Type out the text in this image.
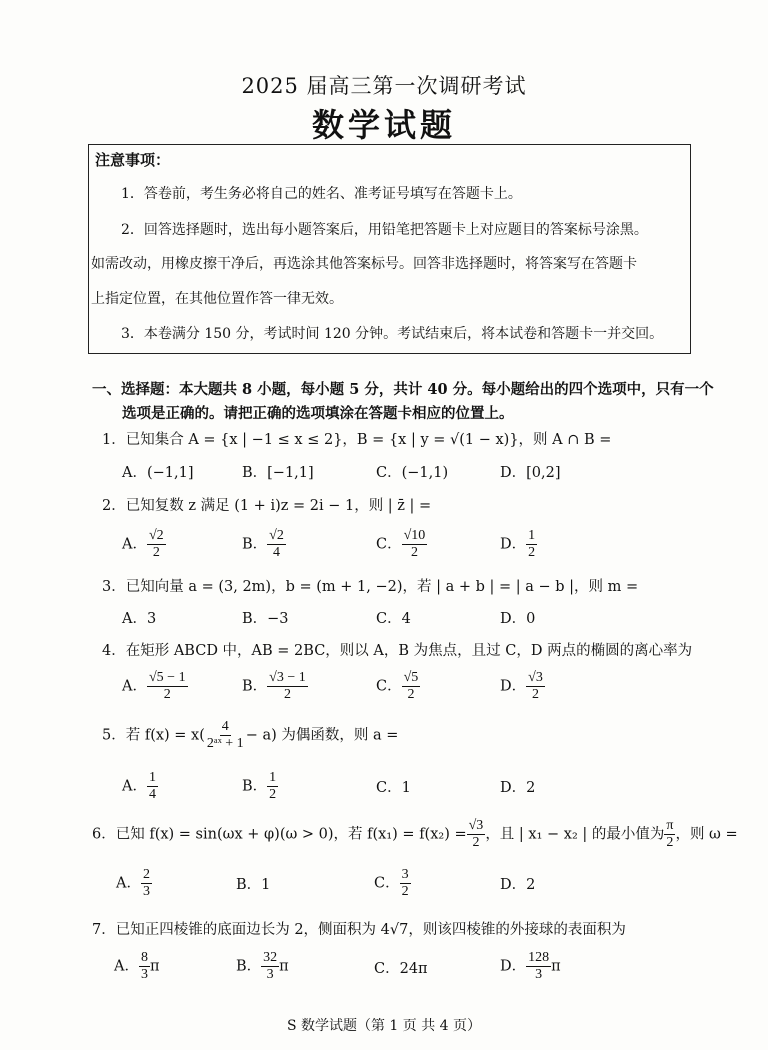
2025 届高三第一次调研考试
数学试题
注意事项：
1．答卷前，考生务必将自己的姓名、准考证号填写在答题卡上。
2．回答选择题时，选出每小题答案后，用铅笔把答题卡上对应题目的答案标号涂黑。
如需改动，用橡皮擦干净后，再选涂其他答案标号。回答非选择题时，将答案写在答题卡
上指定位置，在其他位置作答一律无效。
3．本卷满分 150 分，考试时间 120 分钟。考试结束后，将本试卷和答题卡一并交回。
一、选择题：本大题共 8 小题，每小题 5 分，共计 40 分。每小题给出的四个选项中，只有一个
选项是正确的。请把正确的选项填涂在答题卡相应的位置上。
1．已知集合 A = {x | −1 ≤ x ≤ 2}，B = {x | y = √(1 − x)}，则 A ∩ B =
A．(−1,1]	B．[−1,1]	C．(−1,1)	D．[0,2]
2．已知复数 z 满足 (1 + i)z = 2i − 1，则 | z̄ | =
A． $\frac{√2}{2}$	B． $\frac{√2}{4}$	C． $\frac{√10}{2}$	D． $\frac{1}{2}$
3．已知向量 a = (3, 2m)，b = (m + 1, −2)，若 | a + b | = | a − b |，则 m =
A．3	B．−3	C．4	D．0
4．在矩形 ABCD 中，AB = 2BC，则以 A，B 为焦点，且过 C，D 两点的椭圆的离心率为
A． $\frac{√5 - 1}{2}$	B． $\frac{√3 - 1}{2}$	C． $\frac{√5}{2}$	D． $\frac{√3}{2}$
5．若 $f(x) = x( \frac{4}{\text{2ᵃˣ + 1}} - a)$ 为偶函数，则 a =
A． $\frac{1}{4}$	B． $\frac{1}{2}$	C．1	D．2
6．已知 f(x) = sin(ωx + φ)(ω > 0)，若 $f(x_1) = f(x_2) = \frac{√3}{2}$ ，且 | x₁ − x₂ | 的最小值为 $\frac{\pi}{2}$ ，则 ω =
A． $\frac{2}{3}$	B．1	C． $\frac{3}{2}$	D．2
7．已知正四棱锥的底面边长为 2，侧面积为 4√7，则该四棱锥的外接球的表面积为
A． $\frac{8}{3}$ π	B． $\frac{32}{3}$ π	C．24π	D． $\frac{128}{3}$ π
S 数学试题（第 1 页 共 4 页）
